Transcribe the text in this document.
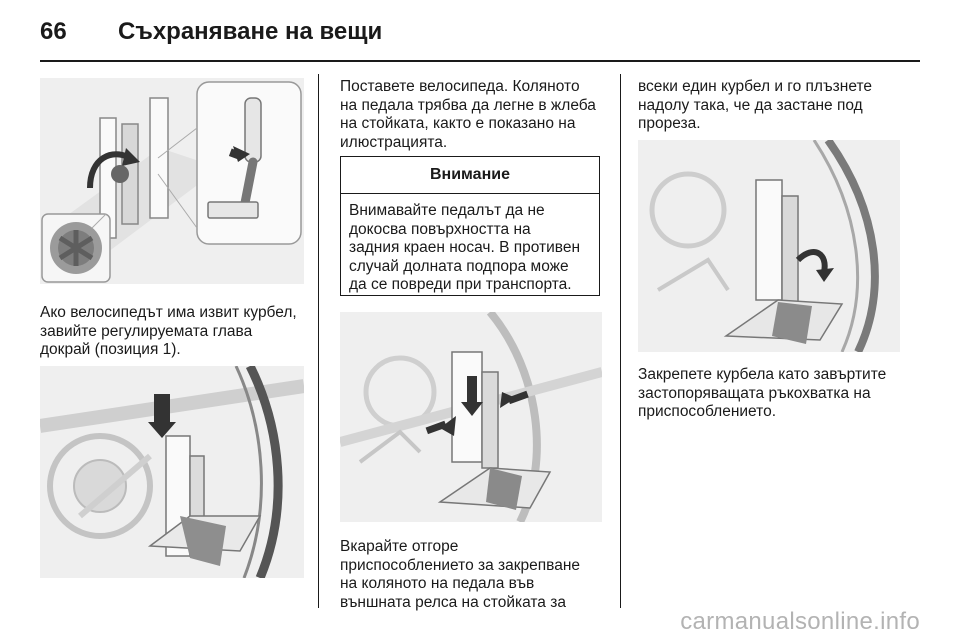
66 Съхраняване на вещи
Ако велосипедът има извит курбел,
завийте регулируемата глава
докрай (позиция 1).
Поставете велосипеда. Коляното
на педала трябва да легне в жлеба
на стойката, както е показано на
илюстрацията.
Внимание
Внимавайте педалът да не
докосва повърхността на
задния краен носач. В противен
случай долната подпора може
да се повреди при транспорта.
Вкарайте отгоре
приспособлението за закрепване
на коляното на педала във
външната релса на стойката за
всеки един курбел и го плъзнете
надолу така, че да застане под
прореза.
Закрепете курбела като завъртите
застопоряващата ръкохватка на
приспособлението.
carmanualsonline.info
